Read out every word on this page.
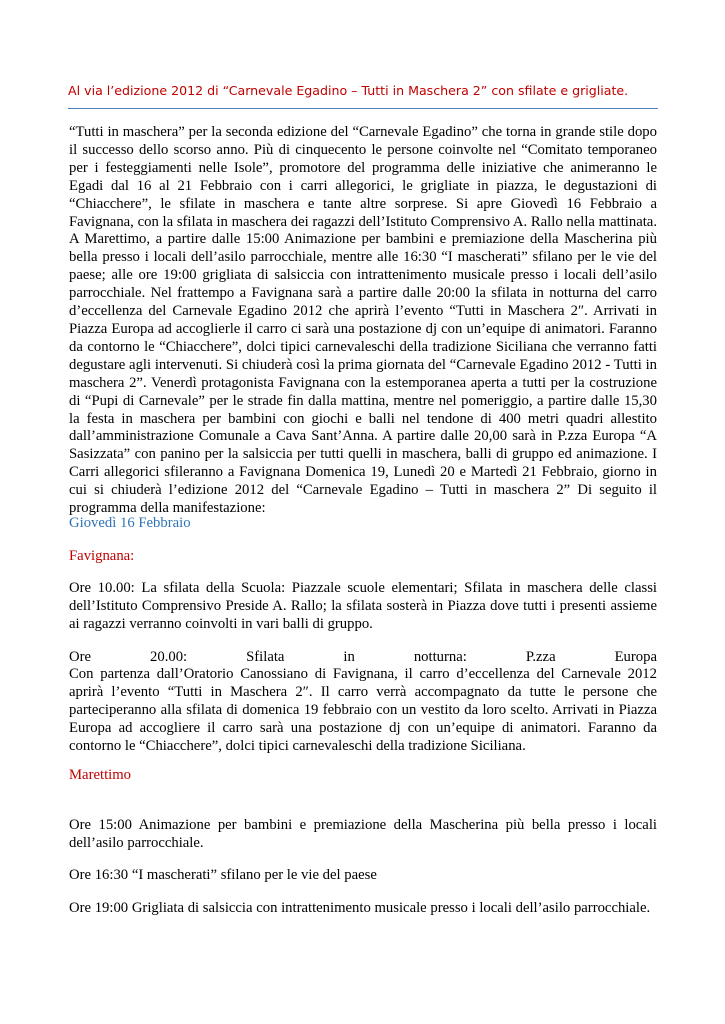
Al via l’edizione 2012 di “Carnevale Egadino – Tutti in Maschera 2” con sfilate e grigliate.
“Tutti in maschera” per la seconda edizione del “Carnevale Egadino” che torna in grande stile dopo il successo dello scorso anno. Più di cinquecento le persone coinvolte nel “Comitato temporaneo per i festeggiamenti nelle Isole”, promotore del programma delle iniziative che animeranno le Egadi dal 16 al 21 Febbraio con i carri allegorici, le grigliate in piazza, le degustazioni di “Chiacchere”, le sfilate in maschera e tante altre sorprese. Si apre Giovedì 16 Febbraio a Favignana, con la sfilata in maschera dei ragazzi dell’Istituto Comprensivo A. Rallo nella mattinata. A Marettimo, a partire dalle 15:00 Animazione per bambini e premiazione della Mascherina più bella presso i locali dell’asilo parrocchiale, mentre alle 16:30 “I mascherati” sfilano per le vie del paese; alle ore 19:00 grigliata di salsiccia con intrattenimento musicale presso i locali dell’asilo parrocchiale. Nel frattempo a Favignana sarà a partire dalle 20:00 la sfilata in notturna del carro d’eccellenza del Carnevale Egadino 2012 che aprirà l’evento “Tutti in Maschera 2″. Arrivati in Piazza Europa ad accoglierle il carro ci sarà una postazione dj con un’equipe di animatori. Faranno da contorno le “Chiacchere”, dolci tipici carnevaleschi della tradizione Siciliana che verranno fatti degustare agli intervenuti. Si chiuderà così la prima giornata del “Carnevale Egadino 2012 - Tutti in maschera 2”. Venerdì protagonista Favignana con la estemporanea aperta a tutti per la costruzione di “Pupi di Carnevale” per le strade fin dalla mattina, mentre nel pomeriggio, a partire dalle 15,30 la festa in maschera per bambini con giochi e balli nel tendone di 400 metri quadri allestito dall’amministrazione Comunale a Cava Sant’Anna. A partire dalle 20,00 sarà in P.zza Europa “A Sasizzata” con panino per la salsiccia per tutti quelli in maschera, balli di gruppo ed animazione. I Carri allegorici sfileranno a Favignana Domenica 19, Lunedì 20 e Martedì 21 Febbraio, giorno in cui si chiuderà l’edizione 2012 del “Carnevale Egadino – Tutti in maschera 2” Di seguito il programma della manifestazione:
Giovedì 16 Febbraio
Favignana:
Ore 10.00: La sfilata della Scuola: Piazzale scuole elementari; Sfilata in maschera delle classi dell’Istituto Comprensivo Preside A. Rallo; la sfilata sosterà in Piazza dove tutti i presenti assieme ai ragazzi verranno coinvolti in vari balli di gruppo.
Ore	20.00:	Sfilata	in	notturna:	P.zza	Europa
Con partenza dall’Oratorio Canossiano di Favignana, il carro d’eccellenza del Carnevale 2012 aprirà l’evento “Tutti in Maschera 2″. Il carro verrà accompagnato da tutte le persone che parteciperanno alla sfilata di domenica 19 febbraio con un vestito da loro scelto. Arrivati in Piazza Europa ad accogliere il carro sarà una postazione dj con un’equipe di animatori. Faranno da contorno le “Chiacchere”, dolci tipici carnevaleschi della tradizione Siciliana.
Marettimo
Ore 15:00 Animazione per bambini e premiazione della Mascherina più bella presso i locali dell’asilo parrocchiale.
Ore 16:30 “I mascherati” sfilano per le vie del paese
Ore 19:00 Grigliata di salsiccia con intrattenimento musicale presso i locali dell’asilo parrocchiale.
